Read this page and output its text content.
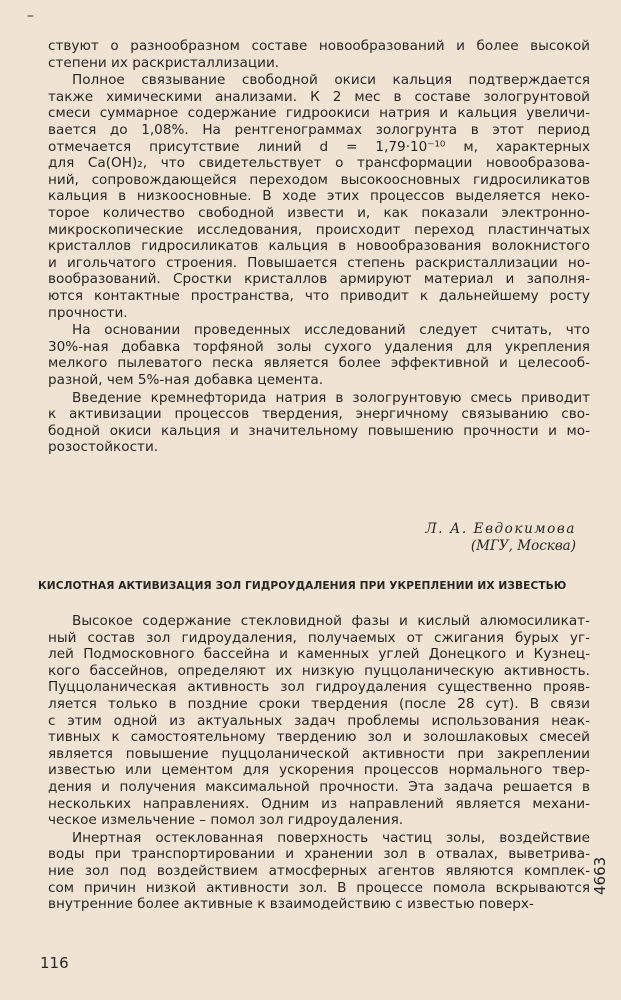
–
ствуют о разнообразном составе новообразований и более высокой
степени их раскристаллизации.
Полное связывание свободной окиси кальция подтверждается
также химическими анализами. К 2 мес в составе зологрунтовой
смеси суммарное содержание гидроокиси натрия и кальция увеличи-
вается до 1,08%. На рентгенограммах зологрунта в этот период
отмечается присутствие линий d = 1,79·10⁻¹⁰ м, характерных
для Ca(OH)₂, что свидетельствует о трансформации новообразова-
ний, сопровождающейся переходом высокоосновных гидросиликатов
кальция в низкоосновные. В ходе этих процессов выделяется неко-
торое количество свободной извести и, как показали электронно-
микроскопические исследования, происходит переход пластинчатых
кристаллов гидросиликатов кальция в новообразования волокнистого
и игольчатого строения. Повышается степень раскристаллизации но-
вообразований. Сростки кристаллов армируют материал и заполня-
ются контактные пространства, что приводит к дальнейшему росту
прочности.
На основании проведенных исследований следует считать, что
30%-ная добавка торфяной золы сухого удаления для укрепления
мелкого пылеватого песка является более эффективной и целесооб-
разной, чем 5%-ная добавка цемента.
Введение кремнефторида натрия в зологрунтовую смесь приводит
к активизации процессов твердения, энергичному связыванию сво-
бодной окиси кальция и значительному повышению прочности и мо-
розостойкости.
Л. А. Евдокимова
(МГУ, Москва)
КИСЛОТНАЯ АКТИВИЗАЦИЯ ЗОЛ ГИДРОУДАЛЕНИЯ ПРИ УКРЕПЛЕНИИ ИХ ИЗВЕСТЬЮ
Высокое содержание стекловидной фазы и кислый алюмосиликат-
ный состав зол гидроудаления, получаемых от сжигания бурых уг-
лей Подмосковного бассейна и каменных углей Донецкого и Кузнец-
кого бассейнов, определяют их низкую пуццоланическую активность.
Пуццоланическая активность зол гидроудаления существенно прояв-
ляется только в поздние сроки твердения (после 28 сут). В связи
с этим одной из актуальных задач проблемы использования неак-
тивных к самостоятельному твердению зол и золошлаковых смесей
является повышение пуццоланической активности при закреплении
известью или цементом для ускорения процессов нормального твер-
дения и получения максимальной прочности. Эта задача решается в
нескольких направлениях. Одним из направлений является механи-
ческое измельчение – помол зол гидроудаления.
Инертная остеклованная поверхность частиц золы, воздействие
воды при транспортировании и хранении зол в отвалах, выветрива-
ние зол под воздействием атмосферных агентов являются комплек-
сом причин низкой активности зол. В процессе помола вскрываются
внутренние более активные к взаимодействию с известью поверх-
116
4663
